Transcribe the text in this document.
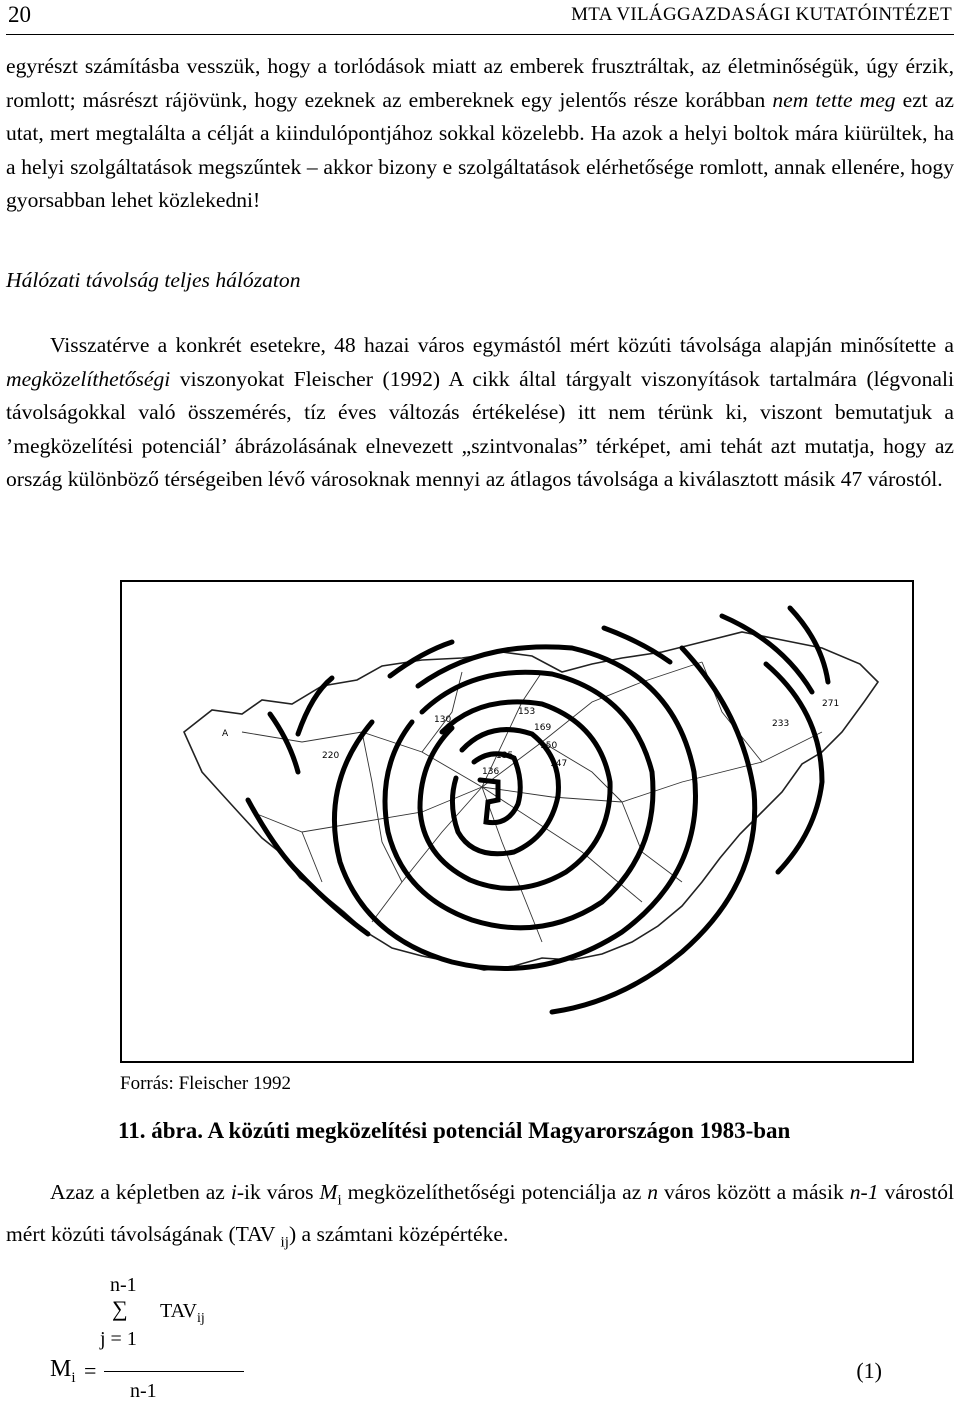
20	MTA VILÁGGAZDASÁGI KUTATÓINTÉZET
egyrészt számításba vesszük, hogy a torlódások miatt az emberek frusztráltak, az életminőségük, úgy érzik, romlott; másrészt rájövünk, hogy ezeknek az embereknek egy jelentős része korábban nem tette meg ezt az utat, mert megtalálta a célját a kiindulópontjához sokkal közelebb. Ha azok a helyi boltok mára kiürültek, ha a helyi szolgáltatások megszűntek – akkor bizony e szolgáltatások elérhetősége romlott, annak ellenére, hogy gyorsabban lehet közlekedni!
Hálózati távolság teljes hálózaton
Visszatérve a konkrét esetekre, 48 hazai város egymástól mért közúti távolsága alapján minősítette a megközelíthetőségi viszonyokat Fleischer (1992) A cikk által tárgyalt viszonyítások tartalmára (légvonali távolságokkal való összemérés, tíz éves változás értékelése) itt nem térünk ki, viszont bemutatjuk a ’megközelítési potenciál’ ábrázolásának elnevezett „szintvonalas” térképet, ami tehát azt mutatja, hogy az ország különböző térségeiben lévő városoknak mennyi az átlagos távolsága a kiválasztott másik 47 várostól.
271
233
169
153
150
147
136
135
130
220
A
Forrás: Fleischer 1992
11. ábra. A közúti megközelítési potenciál Magyarországon 1983-ban
Azaz a képletben az i-ik város $M_i$ megközelíthetőségi potenciálja az n város között a másik n-1 várostól mért közúti távolságának (TAV $_{ij}$) a számtani középértéke.
n-1
∑ $TAV_{ij}$
j = 1
$M_i$ =
n-1
(1)
